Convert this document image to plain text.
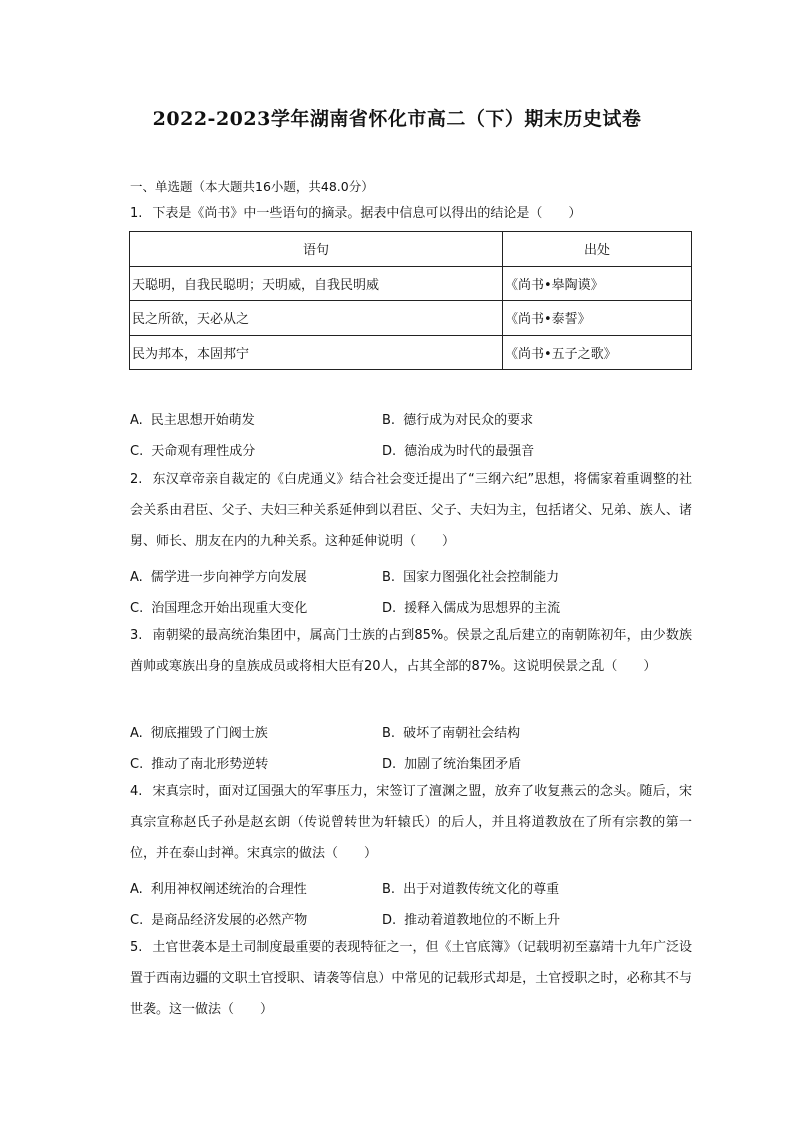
2022-2023学年湖南省怀化市高二（下）期末历史试卷
一、单选题（本大题共16小题，共48.0分）

1. 下表是《尚书》中一些语句的摘录。据表中信息可以得出的结论是（　　）

语句	出处
天聪明，自我民聪明；天明威，自我民明威	《尚书•皋陶谟》
民之所欲，天必从之	《尚书•泰誓》
民为邦本，本固邦宁	《尚书•五子之歌》
A. 民主思想开始萌发	B. 德行成为对民众的要求
C. 天命观有理性成分	D. 德治成为时代的最强音

2. 东汉章帝亲自裁定的《白虎通义》结合社会变迁提出了“三纲六纪”思想，将儒家着重调整的社会关系由君臣、父子、夫妇三种关系延伸到以君臣、父子、夫妇为主，包括诸父、兄弟、族人、诸舅、师长、朋友在内的九种关系。这种延伸说明（　　）

A. 儒学进一步向神学方向发展	B. 国家力图强化社会控制能力
C. 治国理念开始出现重大变化	D. 援释入儒成为思想界的主流

3. 南朝梁的最高统治集团中，属高门士族的占到85%。侯景之乱后建立的南朝陈初年，由少数族酋帅或寒族出身的皇族成员或将相大臣有20人，占其全部的87%。这说明侯景之乱（　　）

A. 彻底摧毁了门阀士族	B. 破坏了南朝社会结构
C. 推动了南北形势逆转	D. 加剧了统治集团矛盾

4. 宋真宗时，面对辽国强大的军事压力，宋签订了澶渊之盟，放弃了收复燕云的念头。随后，宋真宗宣称赵氏子孙是赵玄朗（传说曾转世为轩辕氏）的后人，并且将道教放在了所有宗教的第一位，并在泰山封禅。宋真宗的做法（　　）

A. 利用神权阐述统治的合理性	B. 出于对道教传统文化的尊重
C. 是商品经济发展的必然产物	D. 推动着道教地位的不断上升

5. 土官世袭本是土司制度最重要的表现特征之一，但《土官底簿》（记载明初至嘉靖十九年广泛设置于西南边疆的文职土官授职、请袭等信息）中常见的记载形式却是，土官授职之时，必称其不与世袭。这一做法（　　）
